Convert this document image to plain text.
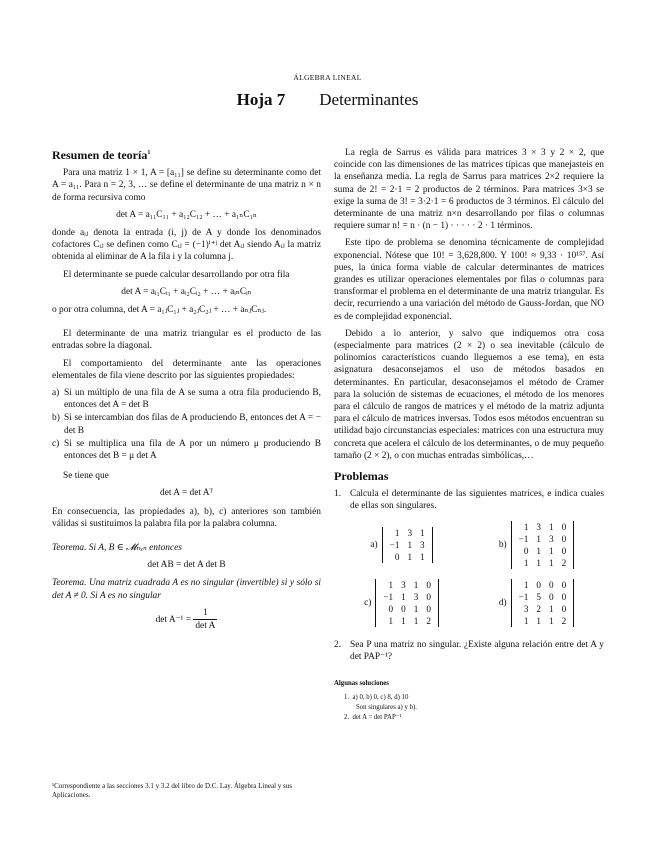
ÁLGEBRA LINEAL
Hoja 7 Determinantes
Resumen de teoría$^1$

Para una matriz 1 × 1, A = [a₁₁] se define su determinante como det A = a₁₁. Para n = 2, 3, … se define el determinante de una matriz n × n de forma recursiva como

det A = a₁₁C₁₁ + a₁₂C₁₂ + … + a₁ₙC₁ₙ

donde aᵢⱼ denota la entrada (i, j) de A y donde los denominados cofactores Cᵢⱼ se definen como Cᵢⱼ = (−1)ⁱ⁺ʲ det Aᵢⱼ siendo Aᵢⱼ la matriz obtenida al eliminar de A la fila i y la columna j.

El determinante se puede calcular desarrollando por otra fila

det A = aᵢ₁Cᵢ₁ + aᵢ₂Cᵢ₂ + … + aᵢₙCᵢₙ

o por otra columna, det A = a₁ⱼC₁ⱼ + a₂ⱼC₂ⱼ + … + aₙⱼCₙⱼ.

El determinante de una matriz triangular es el producto de las entradas sobre la diagonal.

El comportamiento del determinante ante las operaciones elementales de fila viene descrito por las siguientes propiedades:

a) Si un múltiplo de una fila de A se suma a otra fila produciendo B, entonces det A = det B
b) Si se intercambian dos filas de A produciendo B, entonces det A = − det B
c) Si se multiplica una fila de A por un número μ produciendo B entonces det B = μ det A

Se tiene que

det A = det Aᵀ

En consecuencia, las propiedades a), b), c) anteriores son también válidas si sustituimos la palabra fila por la palabra columna.

Teorema. Si A, B ∈ 𝓜ₙₓₙ entonces

det AB = det A det B

Teorema. Una matriz cuadrada A es no singular (invertible) si y sólo si det A ≠ 0. Si A es no singular

$\det A^{-1} = \frac{1}{\text{det A}}$
¹Correspondiente a las secciones 3.1 y 3.2 del libro de D.C. Lay. Álgebra Lineal y sus Aplicaciones.

La regla de Sarrus es válida para matrices 3 × 3 y 2 × 2, que coincide con las dimensiones de las matrices típicas que manejasteis en la enseñanza media. La regla de Sarrus para matrices 2×2 requiere la suma de 2! = 2·1 = 2 productos de 2 términos. Para matrices 3×3 se exige la suma de 3! = 3·2·1 = 6 productos de 3 términos. El cálculo del determinante de una matriz n×n desarrollando por filas o columnas requiere sumar n! = n · (n − 1) · · · · · 2 · 1 términos.

Este tipo de problema se denomina técnicamente de complejidad exponencial. Nótese que 10! = 3,628,800. Y 100! ≈ 9,33 · 10¹⁵⁷. Así pues, la única forma viable de calcular determinantes de matrices grandes es utilizar operaciones elementales por filas o columnas para transformar el problema en el determinante de una matriz triangular. Es decir, recurriendo a una variación del método de Gauss-Jordan, que NO es de complejidad exponencial.

Debido a lo anterior, y salvo que indiquemos otra cosa (especialmente para matrices (2 × 2) o sea inevitable (cálculo de polinomios característicos cuando lleguemos a ese tema), en esta asignatura desaconsejamos el uso de métodos basados en determinantes. En particular, desaconsejamos el método de Cramer para la solución de sistemas de ecuaciones, el método de los menores para el cálculo de rangos de matrices y el método de la matriz adjunta para el cálculo de matrices inversas. Todos esos métodos encuentran su utilidad bajo circunstancias especiales: matrices con una estructura muy concreta que acelera el cálculo de los determinantes, o de muy pequeño tamaño (2 × 2), o con muchas entradas simbólicas,…

Problemas
1. Calcula el determinante de las siguientes matrices, e indica cuales de ellas son singulares.
a)
1 3 1
−1 1 3
0 1 1
b)
1 3 1 0
−1 1 3 0
0 1 1 0
1 1 1 2
c)
1 3 1 0
−1 1 3 0
0 0 1 0
1 1 1 2
d)
1 0 0 0
−1 5 0 0
3 2 1 0
1 1 1 2
2. Sea P una matriz no singular. ¿Existe alguna relación entre det A y det PAP⁻¹?
Algunas soluciones
1.  a) 0, b) 0, c) 8, d) 10
Son singulares a) y b).
2.  det A = det PAP⁻¹
